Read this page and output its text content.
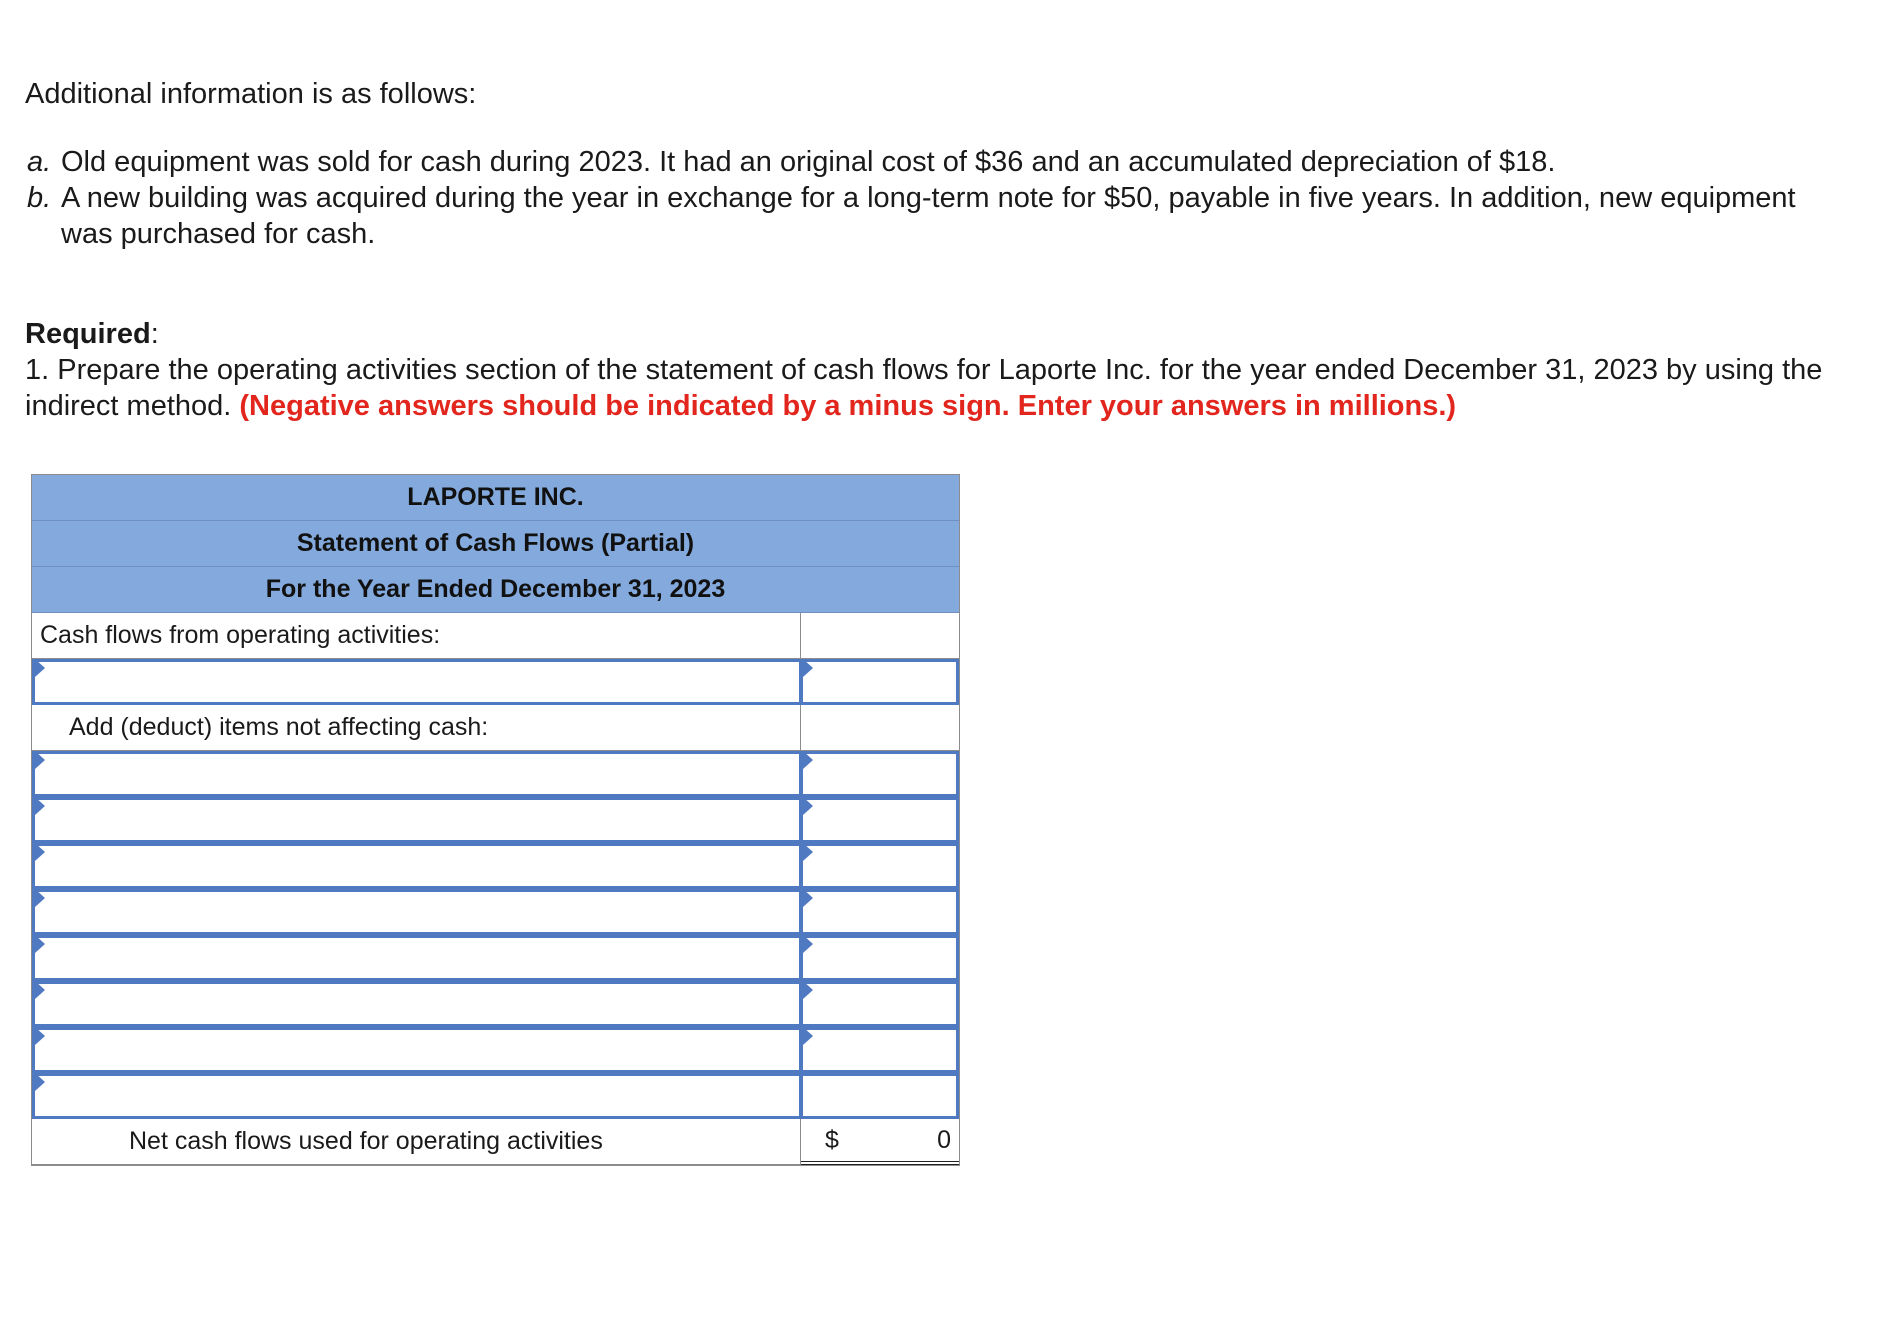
Additional information is as follows:
a. Old equipment was sold for cash during 2023. It had an original cost of $36 and an accumulated depreciation of $18.
b. A new building was acquired during the year in exchange for a long-term note for $50, payable in five years. In addition, new equipment was purchased for cash.
Required:
1. Prepare the operating activities section of the statement of cash flows for Laporte Inc. for the year ended December 31, 2023 by using the indirect method. (Negative answers should be indicated by a minus sign. Enter your answers in millions.)
LAPORTE INC.
Statement of Cash Flows (Partial)
For the Year Ended December 31, 2023
Cash flows from operating activities:
Add (deduct) items not affecting cash:
Net cash flows used for operating activities	$	0
